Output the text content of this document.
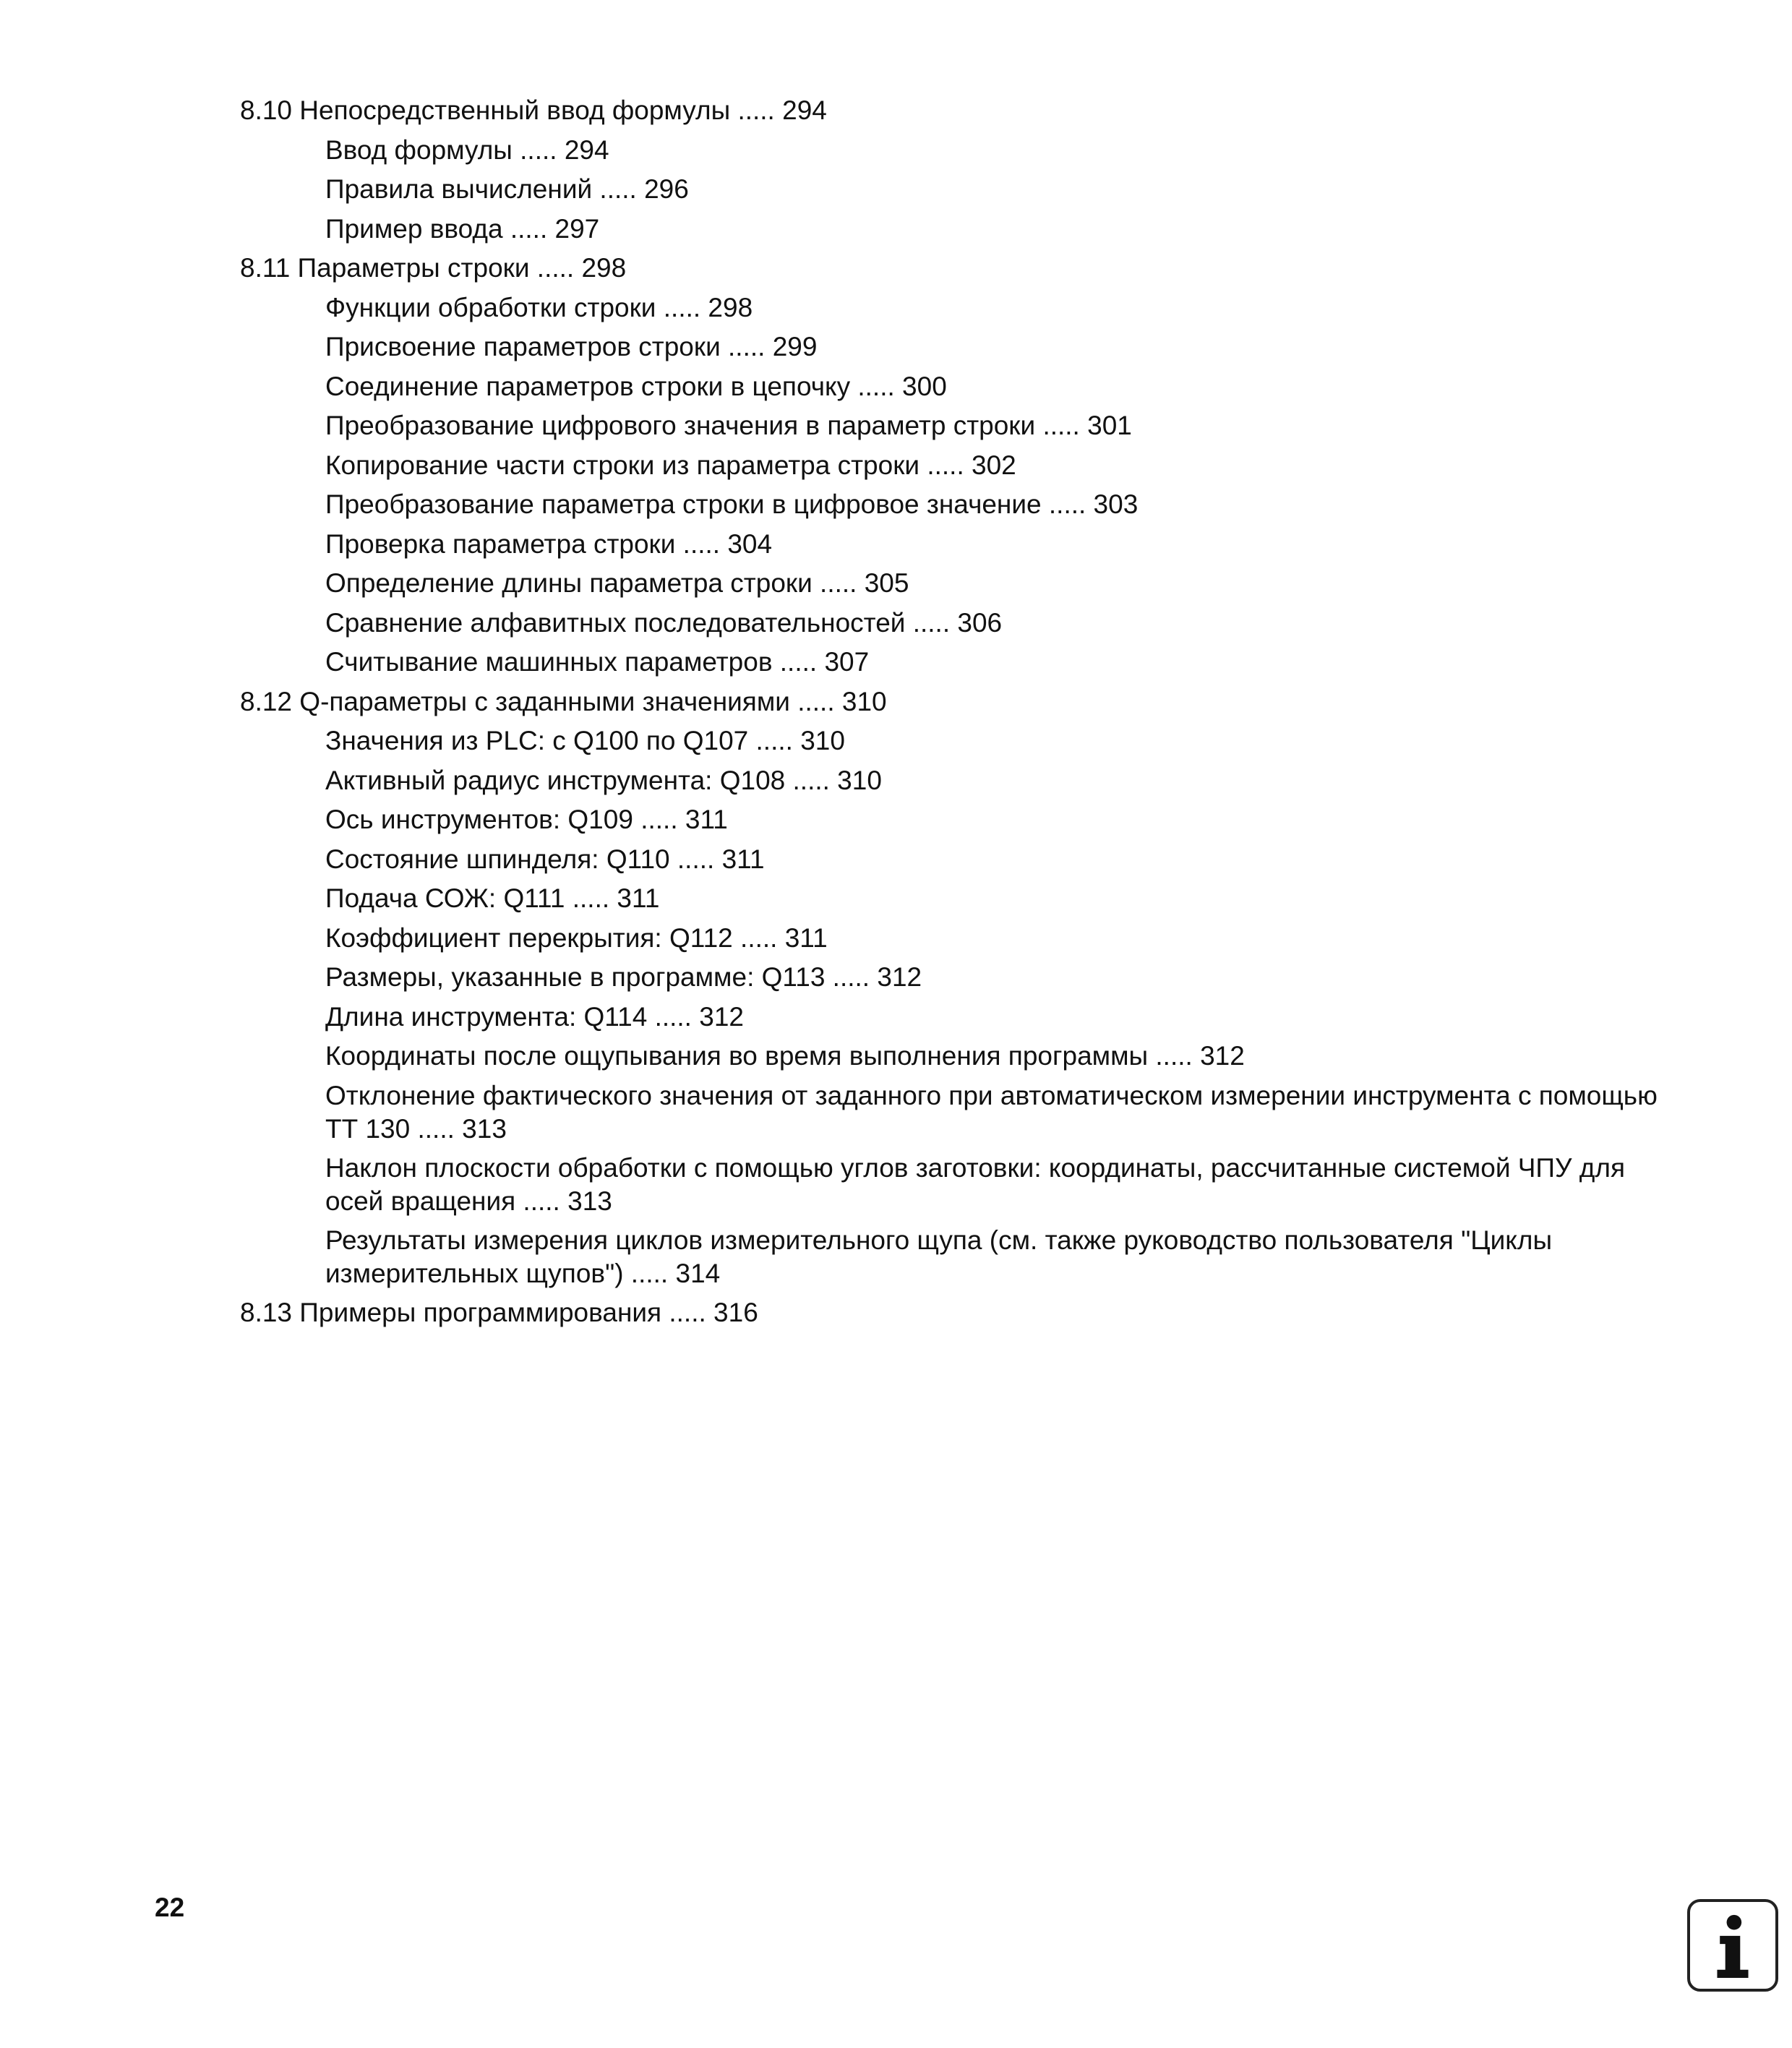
8.10 Непосредственный ввод формулы ..... 294

Ввод формулы ..... 294

Правила вычислений ..... 296

Пример ввода ..... 297

8.11 Параметры строки ..... 298

Функции обработки строки ..... 298

Присвоение параметров строки ..... 299

Соединение параметров строки в цепочку ..... 300

Преобразование цифрового значения в параметр строки ..... 301

Копирование части строки из параметра строки ..... 302

Преобразование параметра строки в цифровое значение ..... 303

Проверка параметра строки ..... 304

Определение длины параметра строки ..... 305

Сравнение алфавитных последовательностей ..... 306

Считывание машинных параметров ..... 307

8.12 Q-параметры с заданными значениями ..... 310

Значения из PLC: с Q100 по Q107 ..... 310

Активный радиус инструмента: Q108 ..... 310

Ось инструментов: Q109 ..... 311

Состояние шпинделя: Q110 ..... 311

Подача СОЖ: Q111 ..... 311

Коэффициент перекрытия: Q112 ..... 311

Размеры, указанные в программе: Q113 ..... 312

Длина инструмента: Q114 ..... 312

Координаты после ощупывания во время выполнения программы ..... 312

Отклонение фактического значения от заданного при автоматическом измерении инструмента с помощью ТТ 130 ..... 313

Наклон плоскости обработки с помощью углов заготовки: координаты, рассчитанные системой ЧПУ для осей вращения ..... 313

Результаты измерения циклов измерительного щупа (см. также руководство пользователя "Циклы измерительных щупов") ..... 314

8.13 Примеры программирования ..... 316

22
